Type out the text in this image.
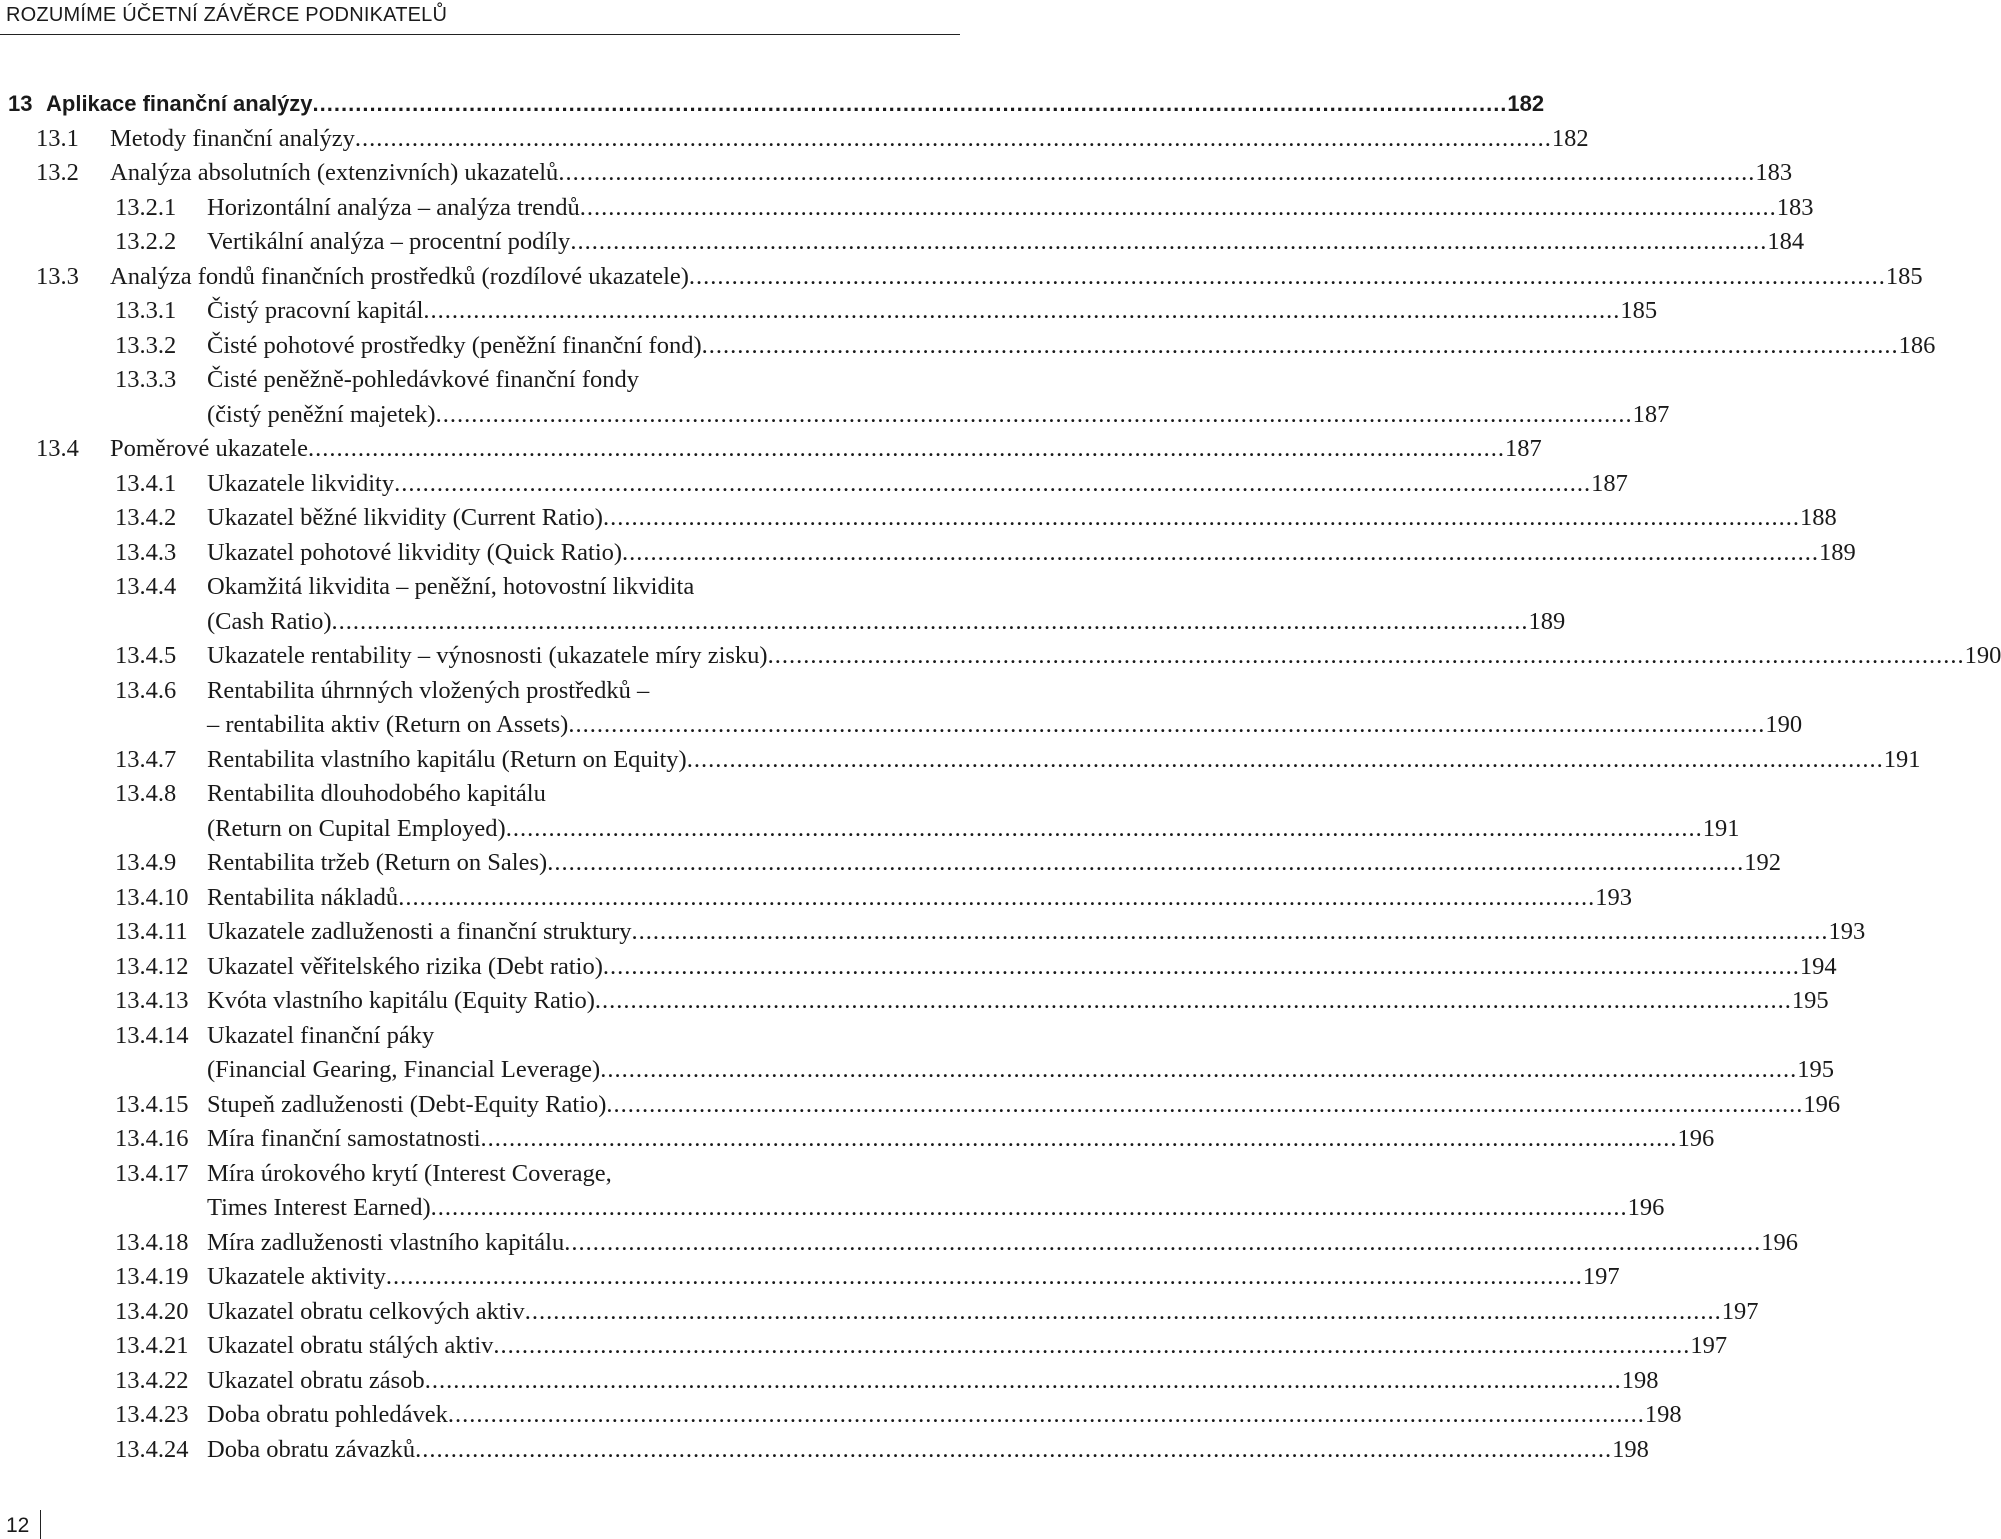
ROZUMÍME ÚČETNÍ ZÁVĚRCE PODNIKATELŮ
13 Aplikace finanční analýzy ........................................................................................................................................................................ 182
13.1 Metody finanční analýzy ........................................................................................................................................................................ 182
13.2 Analýza absolutních (extenzivních) ukazatelů ........................................................................................................................................................................ 183
13.2.1 Horizontální analýza – analýza trendů ........................................................................................................................................................................ 183
13.2.2 Vertikální analýza – procentní podíly ........................................................................................................................................................................ 184
13.3 Analýza fondů finančních prostředků (rozdílové ukazatele) ........................................................................................................................................................................ 185
13.3.1 Čistý pracovní kapitál ........................................................................................................................................................................ 185
13.3.2 Čisté pohotové prostředky (peněžní finanční fond) ........................................................................................................................................................................ 186
13.3.3 Čisté peněžně-pohledávkové finanční fondy
(čistý peněžní majetek) ........................................................................................................................................................................ 187
13.4 Poměrové ukazatele ........................................................................................................................................................................ 187
13.4.1 Ukazatele likvidity ........................................................................................................................................................................ 187
13.4.2 Ukazatel běžné likvidity (Current Ratio) ........................................................................................................................................................................ 188
13.4.3 Ukazatel pohotové likvidity (Quick Ratio) ........................................................................................................................................................................ 189
13.4.4 Okamžitá likvidita – peněžní, hotovostní likvidita
(Cash Ratio) ........................................................................................................................................................................ 189
13.4.5 Ukazatele rentability – výnosnosti (ukazatele míry zisku) ........................................................................................................................................................................ 190
13.4.6 Rentabilita úhrnných vložených prostředků –
– rentabilita aktiv (Return on Assets) ........................................................................................................................................................................ 190
13.4.7 Rentabilita vlastního kapitálu (Return on Equity) ........................................................................................................................................................................ 191
13.4.8 Rentabilita dlouhodobého kapitálu
(Return on Cupital Employed) ........................................................................................................................................................................ 191
13.4.9 Rentabilita tržeb (Return on Sales) ........................................................................................................................................................................ 192
13.4.10 Rentabilita nákladů ........................................................................................................................................................................ 193
13.4.11 Ukazatele zadluženosti a finanční struktury ........................................................................................................................................................................ 193
13.4.12 Ukazatel věřitelského rizika (Debt ratio) ........................................................................................................................................................................ 194
13.4.13 Kvóta vlastního kapitálu (Equity Ratio) ........................................................................................................................................................................ 195
13.4.14 Ukazatel finanční páky
(Financial Gearing, Financial Leverage) ........................................................................................................................................................................ 195
13.4.15 Stupeň zadluženosti (Debt-Equity Ratio) ........................................................................................................................................................................ 196
13.4.16 Míra finanční samostatnosti ........................................................................................................................................................................ 196
13.4.17 Míra úrokového krytí (Interest Coverage,
Times Interest Earned) ........................................................................................................................................................................ 196
13.4.18 Míra zadluženosti vlastního kapitálu ........................................................................................................................................................................ 196
13.4.19 Ukazatele aktivity ........................................................................................................................................................................ 197
13.4.20 Ukazatel obratu celkových aktiv ........................................................................................................................................................................ 197
13.4.21 Ukazatel obratu stálých aktiv ........................................................................................................................................................................ 197
13.4.22 Ukazatel obratu zásob ........................................................................................................................................................................ 198
13.4.23 Doba obratu pohledávek ........................................................................................................................................................................ 198
13.4.24 Doba obratu závazků ........................................................................................................................................................................ 198
12
